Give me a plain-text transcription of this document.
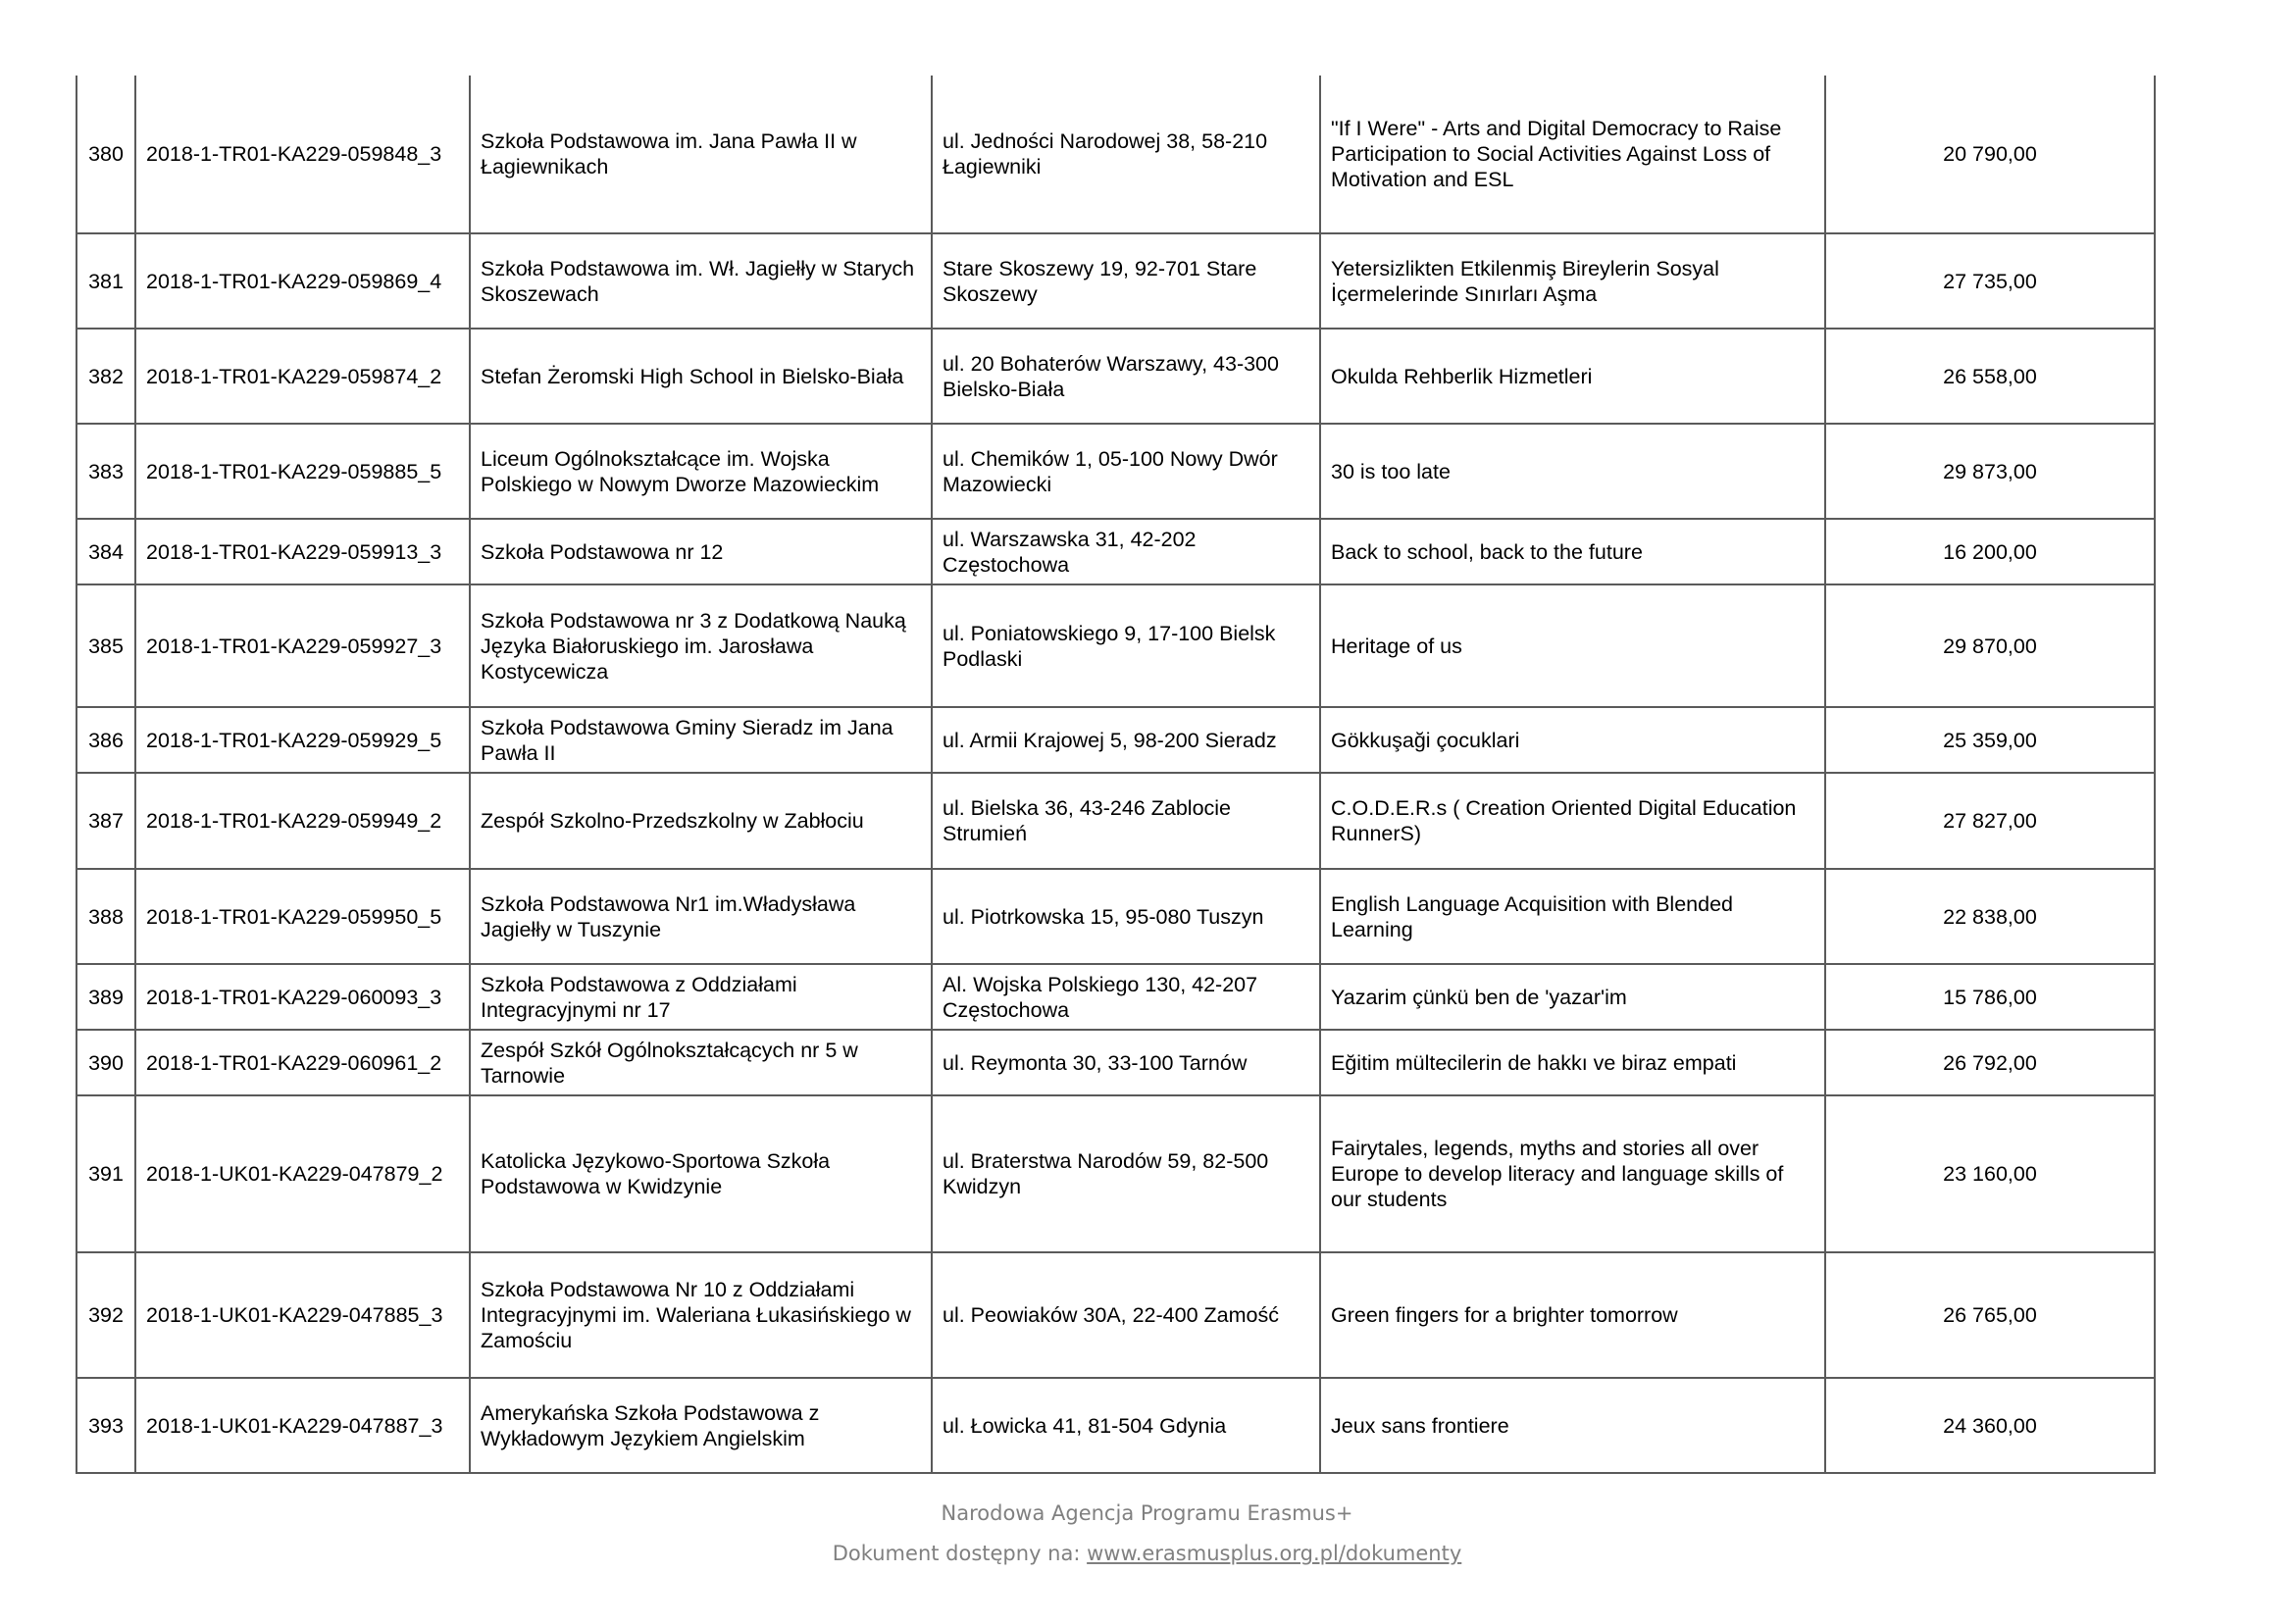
380	2018-1-TR01-KA229-059848_3	Szkoła Podstawowa im. Jana Pawła II w Łagiewnikach	ul. Jedności Narodowej 38, 58-210 Łagiewniki	"If I Were" - Arts and Digital Democracy to Raise Participation to Social Activities Against Loss of Motivation and ESL	20 790,00
381	2018-1-TR01-KA229-059869_4	Szkoła Podstawowa im. Wł. Jagiełły w Starych Skoszewach	Stare Skoszewy 19, 92-701 Stare Skoszewy	Yetersizlikten Etkilenmiş Bireylerin Sosyal İçermelerinde Sınırları Aşma	27 735,00
382	2018-1-TR01-KA229-059874_2	Stefan Żeromski High School in Bielsko-Biała	ul. 20 Bohaterów Warszawy, 43-300 Bielsko-Biała	Okulda Rehberlik Hizmetleri	26 558,00
383	2018-1-TR01-KA229-059885_5	Liceum Ogólnokształcące im. Wojska Polskiego w Nowym Dworze Mazowieckim	ul. Chemików 1, 05-100 Nowy Dwór Mazowiecki	30 is too late	29 873,00
384	2018-1-TR01-KA229-059913_3	Szkoła Podstawowa nr 12	ul. Warszawska 31, 42-202 Częstochowa	Back to school, back to the future	16 200,00
385	2018-1-TR01-KA229-059927_3	Szkoła Podstawowa nr 3 z Dodatkową Nauką Języka Białoruskiego im. Jarosława Kostycewicza	ul. Poniatowskiego 9, 17-100 Bielsk Podlaski	Heritage of us	29 870,00
386	2018-1-TR01-KA229-059929_5	Szkoła Podstawowa Gminy Sieradz im Jana Pawła II	ul. Armii Krajowej 5, 98-200 Sieradz	Gökkuşaği çocuklari	25 359,00
387	2018-1-TR01-KA229-059949_2	Zespół Szkolno-Przedszkolny w Zabłociu	ul. Bielska 36, 43-246 Zablocie Strumień	C.O.D.E.R.s ( Creation Oriented Digital Education RunnerS)	27 827,00
388	2018-1-TR01-KA229-059950_5	Szkoła Podstawowa Nr1 im.Władysława Jagiełły w Tuszynie	ul. Piotrkowska 15, 95-080 Tuszyn	English Language Acquisition with Blended Learning	22 838,00
389	2018-1-TR01-KA229-060093_3	Szkoła Podstawowa z Oddziałami Integracyjnymi nr 17	Al. Wojska Polskiego 130, 42-207 Częstochowa	Yazarim çünkü ben de 'yazar'im	15 786,00
390	2018-1-TR01-KA229-060961_2	Zespół Szkół Ogólnokształcących nr 5 w Tarnowie	ul. Reymonta 30, 33-100 Tarnów	Eğitim mültecilerin de hakkı ve biraz empati	26 792,00
391	2018-1-UK01-KA229-047879_2	Katolicka Językowo-Sportowa Szkoła Podstawowa w Kwidzynie	ul. Braterstwa Narodów 59, 82-500 Kwidzyn	Fairytales, legends, myths and stories all over Europe to develop literacy and language skills of our students	23 160,00
392	2018-1-UK01-KA229-047885_3	Szkoła Podstawowa Nr 10 z Oddziałami Integracyjnymi im. Waleriana Łukasińskiego w Zamościu	ul. Peowiaków 30A, 22-400 Zamość	Green fingers for a brighter tomorrow	26 765,00
393	2018-1-UK01-KA229-047887_3	Amerykańska Szkoła Podstawowa z Wykładowym Językiem Angielskim	ul. Łowicka 41, 81-504 Gdynia	Jeux sans frontiere	24 360,00
Narodowa Agencja Programu Erasmus+
Dokument dostępny na: www.erasmusplus.org.pl/dokumenty
